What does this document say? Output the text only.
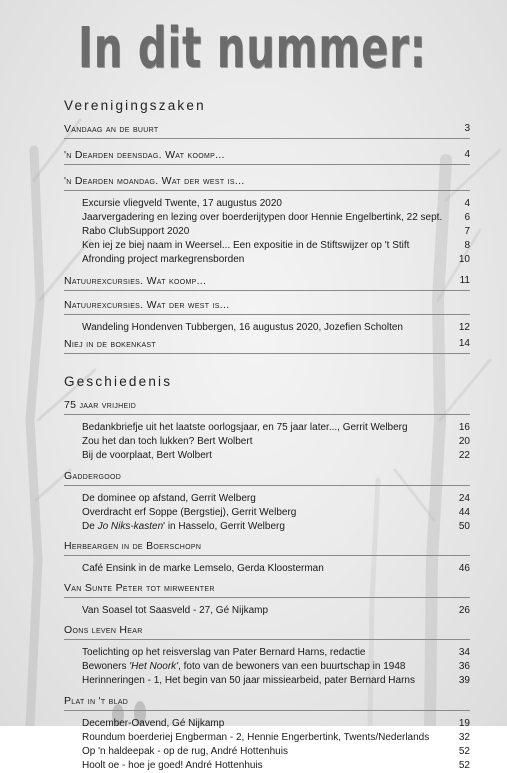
In dit nummer:
Verenigingszaken
Vandaag an de buurt	3
'n Dearden deensdag. Wat koomp...	4
'n Dearden moandag. Wat der west is...
Excursie vliegveld Twente, 17 augustus 2020	4
Jaarvergadering en lezing over boerderijtypen door Hennie Engelbertink, 22 sept. 6
Rabo ClubSupport 2020	7
Ken iej ze biej naam in Weersel... Een expositie in de Stiftswijzer op 't Stift	8
Afronding project markegrensborden	10
Natuurexcursies. Wat koomp...	11
Natuurexcursies. Wat der west is...
Wandeling Hondenven Tubbergen, 16 augustus 2020, Jozefien Scholten	12
Niej in de bokenkast	14
Geschiedenis
75 jaar vrijheid
Bedankbriefje uit het laatste oorlogsjaar, en 75 jaar later..., Gerrit Welberg	16
Zou het dan toch lukken? Bert Wolbert	20
Bij de voorplaat, Bert Wolbert	22
Gaddergood
De dominee op afstand, Gerrit Welberg	24
Overdracht erf Soppe (Bergstiej), Gerrit Welberg	44
De Jo Niks-kasten' in Hasselo, Gerrit Welberg	50
Herbeargen in de Boerschopn
Café Ensink in de marke Lemselo, Gerda Kloosterman	46
Van Sunte Peter tot mirweenter
Van Soasel tot Saasveld - 27, Gé Nijkamp	26
Oons leven Hear
Toelichting op het reisverslag van Pater Bernard Harns, redactie	34
Bewoners 'Het Noork', foto van de bewoners van een buurtschap in 1948	36
Herinneringen - 1, Het begin van 50 jaar missiearbeid, pater Bernard Harns	39
Plat in 't blad
December-Oavend, Gé Nijkamp	19
Roundum boerderiej Engberman - 2, Hennie Engerbertink, Twents/Nederlands	32
Op 'n haldeepak - op de rug, André Hottenhuis	52
Hoolt oe - hoe je goed! André Hottenhuis	52
